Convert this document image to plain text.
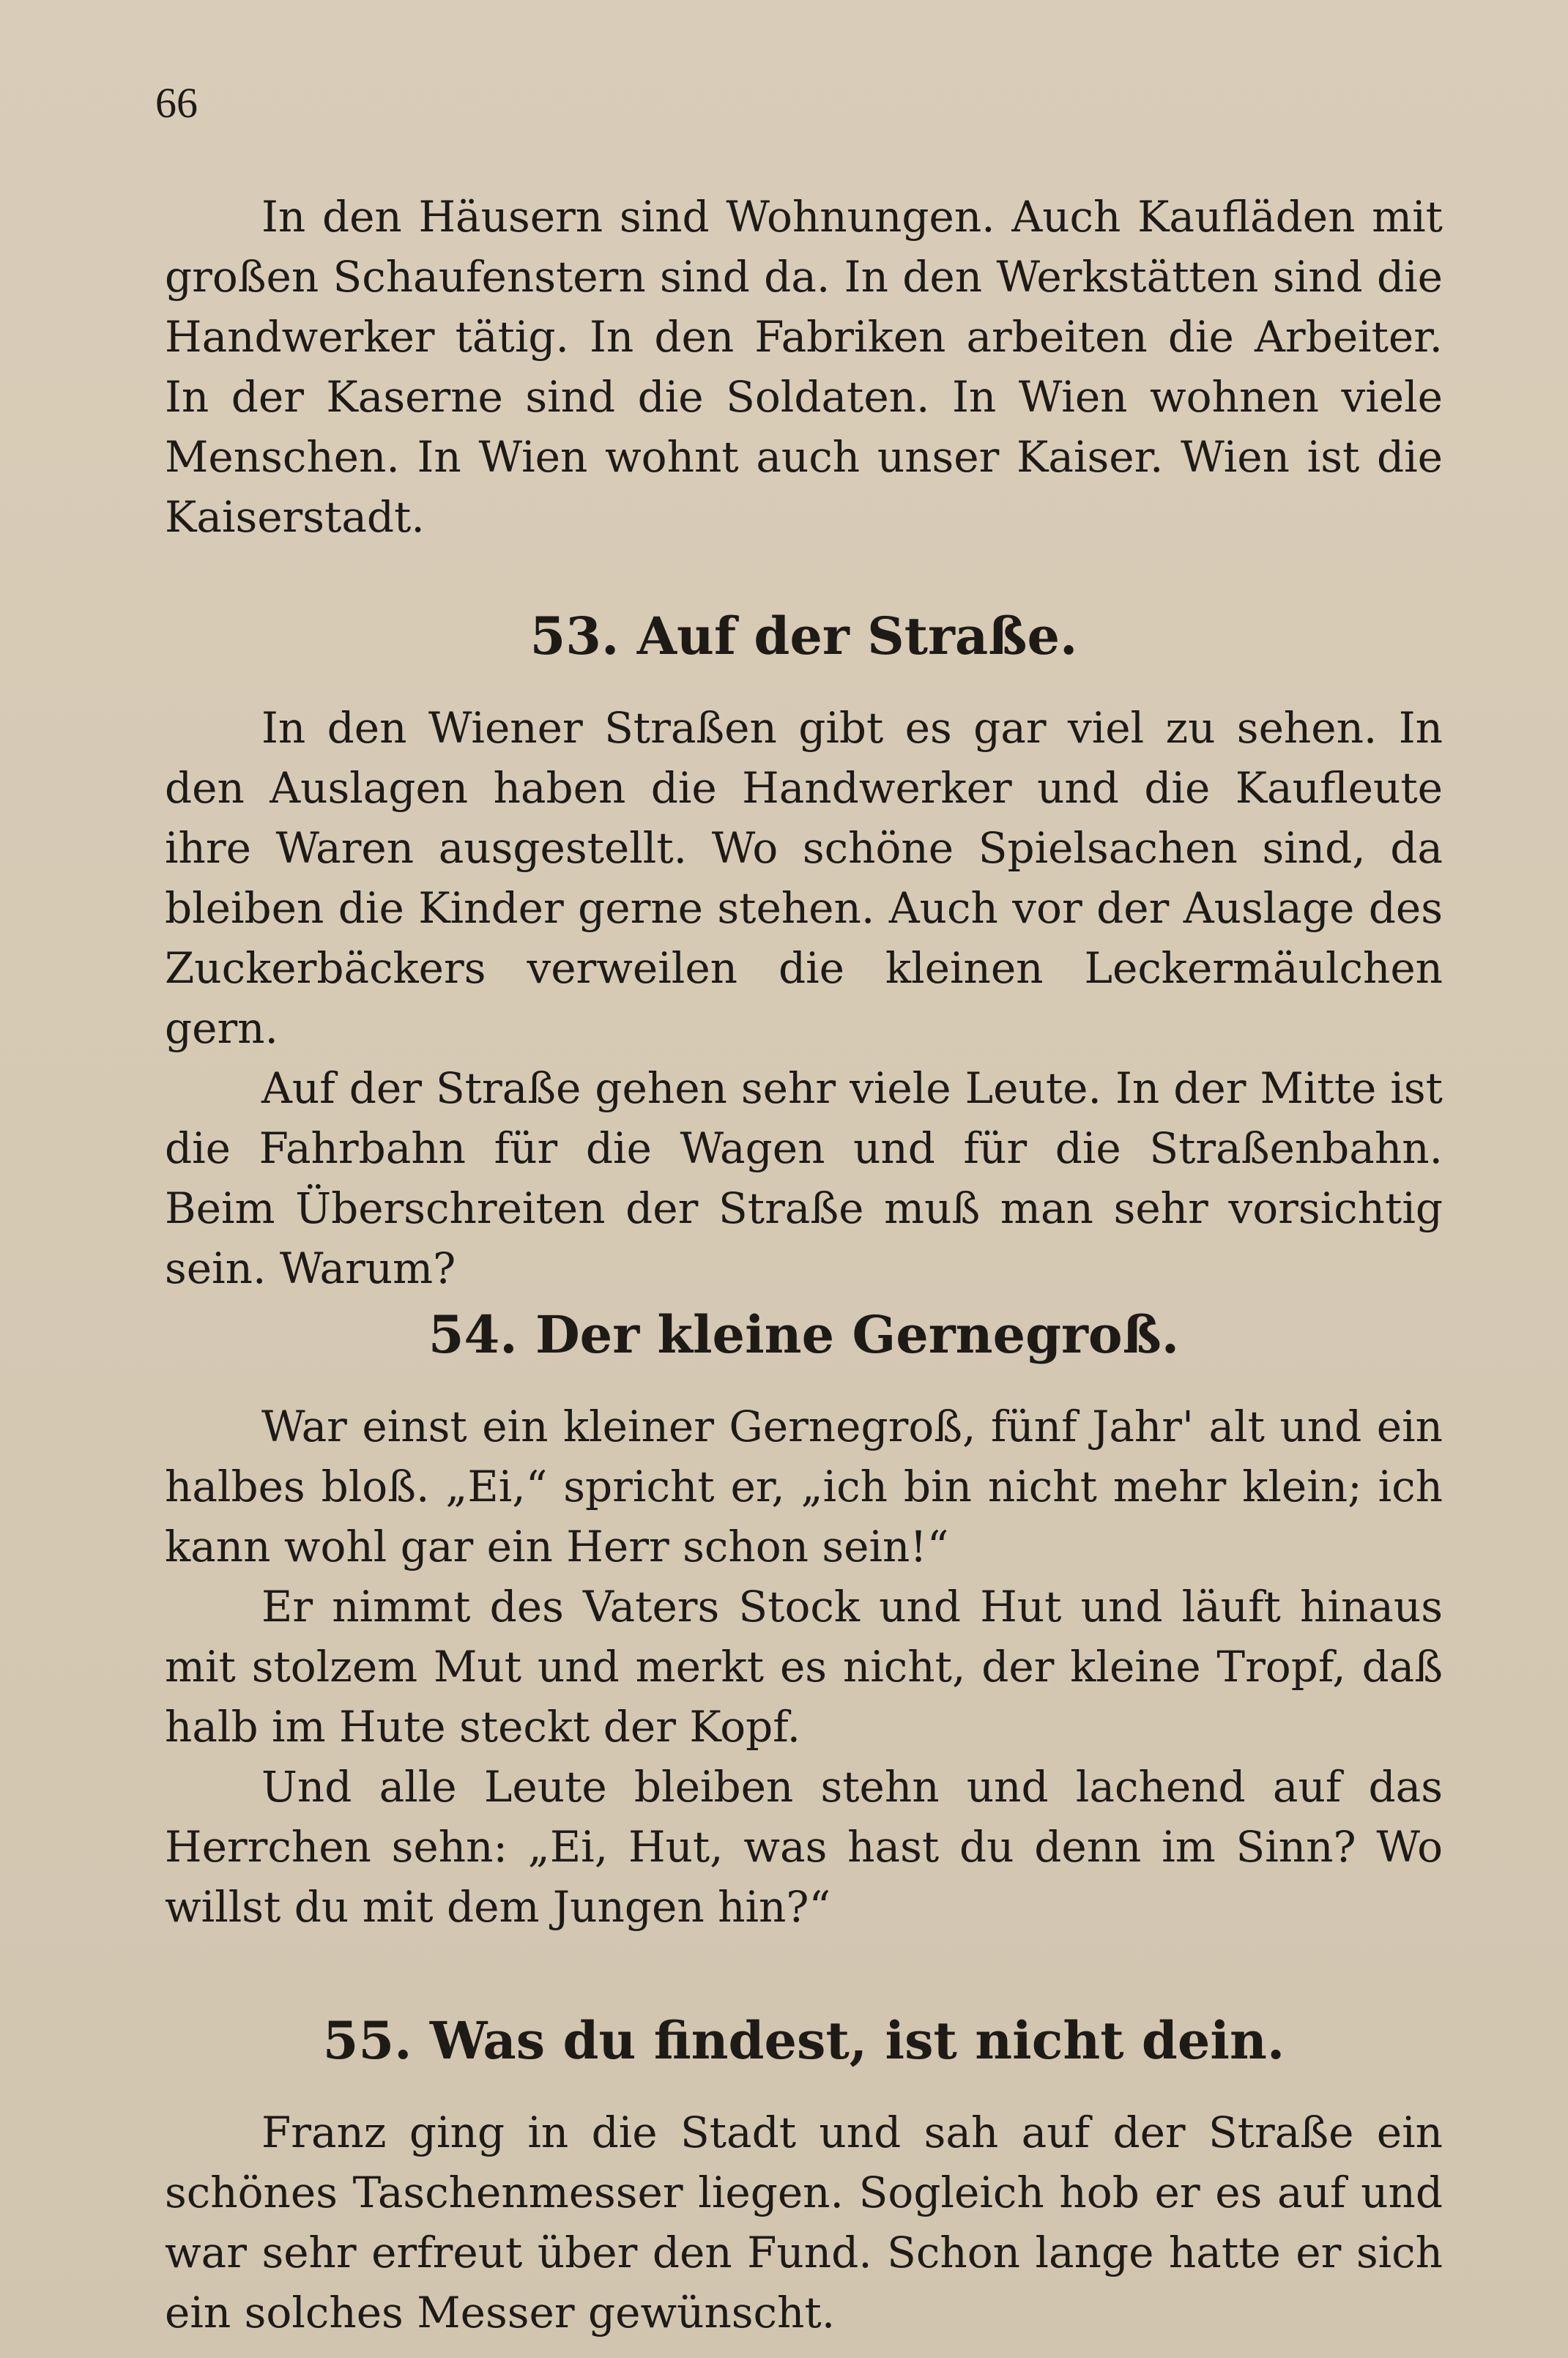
66

In den Häusern sind Wohnungen. Auch Kaufläden mit großen Schaufenstern sind da. In den Werkstätten sind die Handwerker tätig. In den Fabriken arbeiten die Arbeiter. In der Kaserne sind die Soldaten. In Wien wohnen viele Menschen. In Wien wohnt auch unser Kaiser. Wien ist die Kaiserstadt.

53. Auf der Straße.

In den Wiener Straßen gibt es gar viel zu sehen. In den Auslagen haben die Handwerker und die Kaufleute ihre Waren ausgestellt. Wo schöne Spielsachen sind, da bleiben die Kinder gerne stehen. Auch vor der Auslage des Zuckerbäckers verweilen die kleinen Leckermäulchen gern.

Auf der Straße gehen sehr viele Leute. In der Mitte ist die Fahrbahn für die Wagen und für die Straßenbahn. Beim Überschreiten der Straße muß man sehr vorsichtig sein. Warum?

54. Der kleine Gernegroß.

War einst ein kleiner Gernegroß, fünf Jahr' alt und ein halbes bloß. „Ei,“ spricht er, „ich bin nicht mehr klein; ich kann wohl gar ein Herr schon sein!“

Er nimmt des Vaters Stock und Hut und läuft hinaus mit stolzem Mut und merkt es nicht, der kleine Tropf, daß halb im Hute steckt der Kopf.

Und alle Leute bleiben stehn und lachend auf das Herrchen sehn: „Ei, Hut, was hast du denn im Sinn? Wo willst du mit dem Jungen hin?“

55. Was du findest, ist nicht dein.

Franz ging in die Stadt und sah auf der Straße ein schönes Taschenmesser liegen. Sogleich hob er es auf und war sehr erfreut über den Fund. Schon lange hatte er sich ein solches Messer gewünscht.
